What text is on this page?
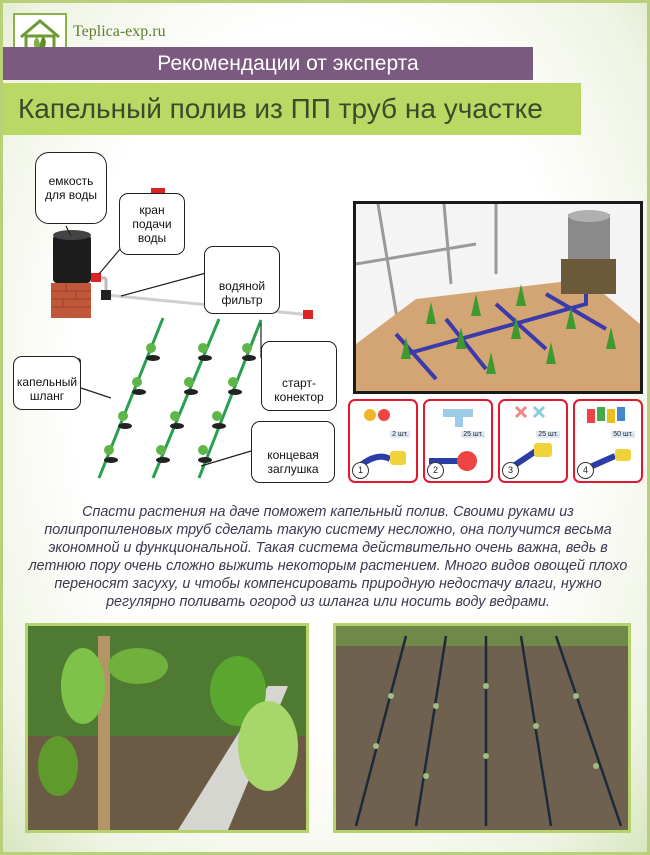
Teplica-exp.ru
Рекомендации от эксперта
Капельный полив из ПП труб на участке
емкость
для воды
кран
подачи
воды
водяной
фильтр
капельный
шланг
старт-
конектор
концевая
заглушка
2 шт.
1
25 шт.
2
25 шт.
3
50 шт.
4

Спасти растения на даче поможет капельный полив. Своими руками из полипропиленовых труб сделать такую систему несложно, она получится весьма экономной и функциональной. Такая система действительно очень важна, ведь в летнюю пору очень сложно выжить некоторым растением. Много видов овощей плохо переносят засуху, и чтобы компенсировать природную недостачу влаги, нужно регулярно поливать огород из шланга или носить воду ведрами.
